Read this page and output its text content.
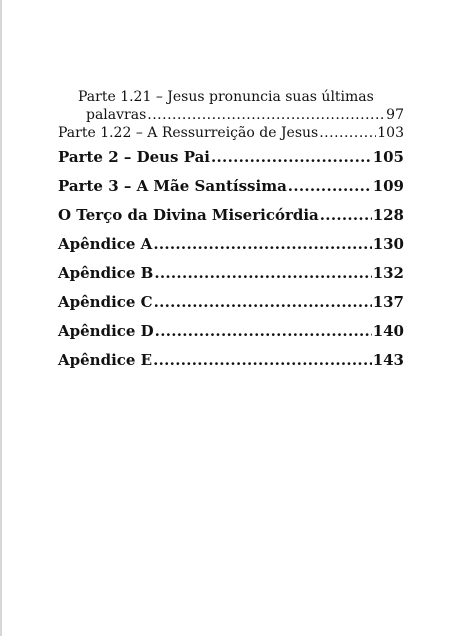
Parte 1.21 – Jesus pronuncia suas últimas
palavras .....	97
Parte 1.22 – A Ressurreição de Jesus .....	103
Parte 2 – Deus Pai .....	105
Parte 3 – A Mãe Santíssima .....	109
O Terço da Divina Misericórdia .....	128
Apêndice A .....	130
Apêndice B .....	132
Apêndice C .....	137
Apêndice D .....	140
Apêndice E .....	143
